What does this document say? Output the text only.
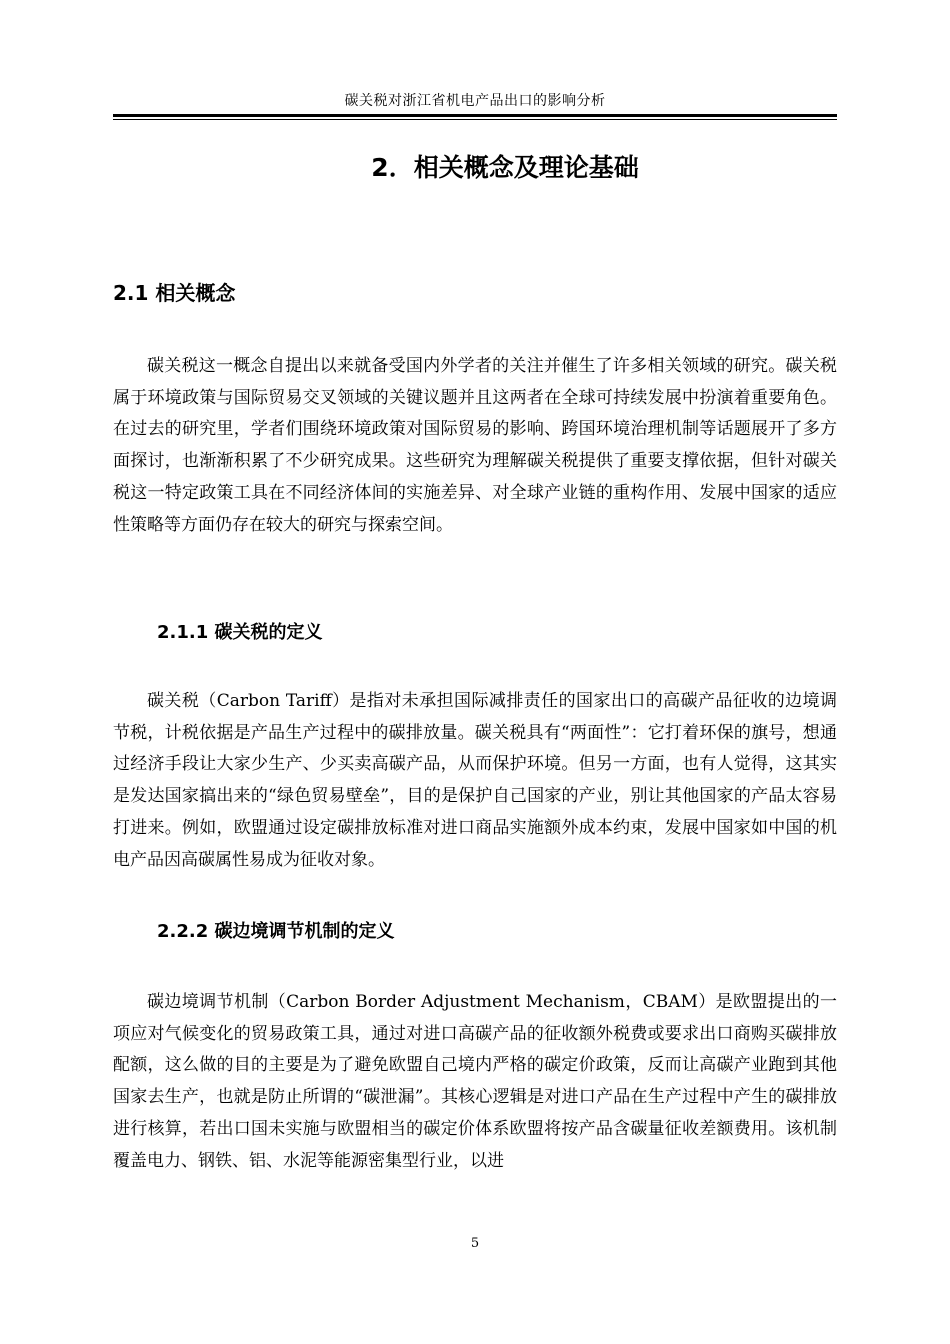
碳关税对浙江省机电产品出口的影响分析
2．相关概念及理论基础
2.1 相关概念

碳关税这一概念自提出以来就备受国内外学者的关注并催生了许多相关领域的研究。碳关税属于环境政策与国际贸易交叉领域的关键议题并且这两者在全球可持续发展中扮演着重要角色。在过去的研究里，学者们围绕环境政策对国际贸易的影响、跨国环境治理机制等话题展开了多方面探讨，也渐渐积累了不少研究成果。这些研究为理解碳关税提供了重要支撑依据，但针对碳关税这一特定政策工具在不同经济体间的实施差异、对全球产业链的重构作用、发展中国家的适应性策略等方面仍存在较大的研究与探索空间。

2.1.1 碳关税的定义

碳关税（Carbon Tariff）是指对未承担国际减排责任的国家出口的高碳产品征收的边境调节税，计税依据是产品生产过程中的碳排放量。碳关税具有“两面性”：它打着环保的旗号，想通过经济手段让大家少生产、少买卖高碳产品，从而保护环境。但另一方面，也有人觉得，这其实是发达国家搞出来的“绿色贸易壁垒”，目的是保护自己国家的产业，别让其他国家的产品太容易打进来。例如，欧盟通过设定碳排放标准对进口商品实施额外成本约束，发展中国家如中国的机电产品因高碳属性易成为征收对象。

2.2.2 碳边境调节机制的定义

碳边境调节机制（Carbon Border Adjustment Mechanism，CBAM）是欧盟提出的一项应对气候变化的贸易政策工具，通过对进口高碳产品的征收额外税费或要求出口商购买碳排放配额，这么做的目的主要是为了避免欧盟自己境内严格的碳定价政策，反而让高碳产业跑到其他国家去生产，也就是防止所谓的“碳泄漏”。其核心逻辑是对进口产品在生产过程中产生的碳排放进行核算，若出口国未实施与欧盟相当的碳定价体系欧盟将按产品含碳量征收差额费用。该机制覆盖电力、钢铁、铝、水泥等能源密集型行业，以进

5
